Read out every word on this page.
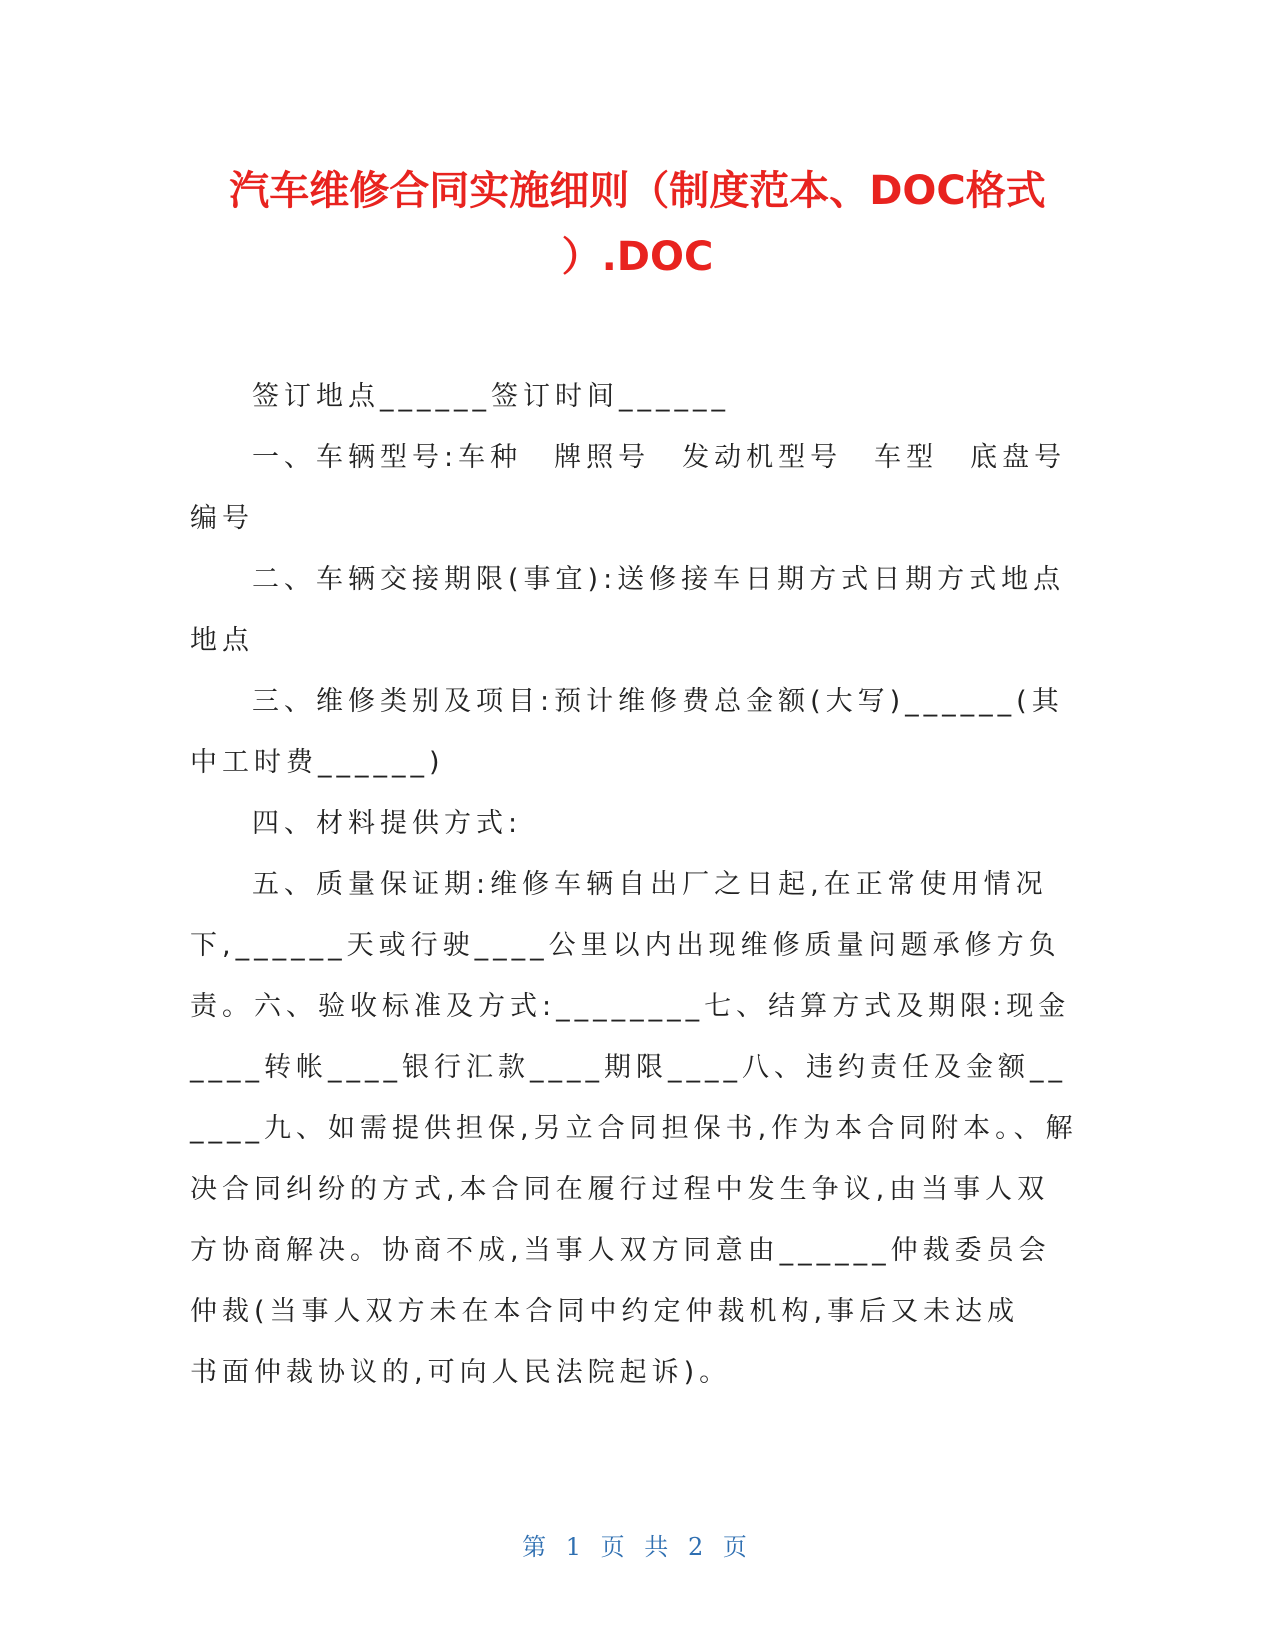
汽车维修合同实施细则（制度范本、DOC格式
）.DOC

签订地点______签订时间______

一、车辆型号:车种　牌照号　发动机型号　车型　底盘号编号

二、车辆交接期限(事宜):送修接车日期方式日期方式地点地点

三、维修类别及项目:预计维修费总金额(大写)______(其中工时费______)

四、材料提供方式:

五、质量保证期:维修车辆自出厂之日起,在正常使用情况下,______天或行驶____公里以内出现维修质量问题承修方负责。六、验收标准及方式:________七、结算方式及期限:现金____转帐____银行汇款____期限____八、违约责任及金额______九、如需提供担保,另立合同担保书,作为本合同附本。、解决合同纠纷的方式,本合同在履行过程中发生争议,由当事人双方协商解决。协商不成,当事人双方同意由______仲裁委员会仲裁(当事人双方未在本合同中约定仲裁机构,事后又未达成

书面仲裁协议的,可向人民法院起诉)。

第 1 页 共 2 页
